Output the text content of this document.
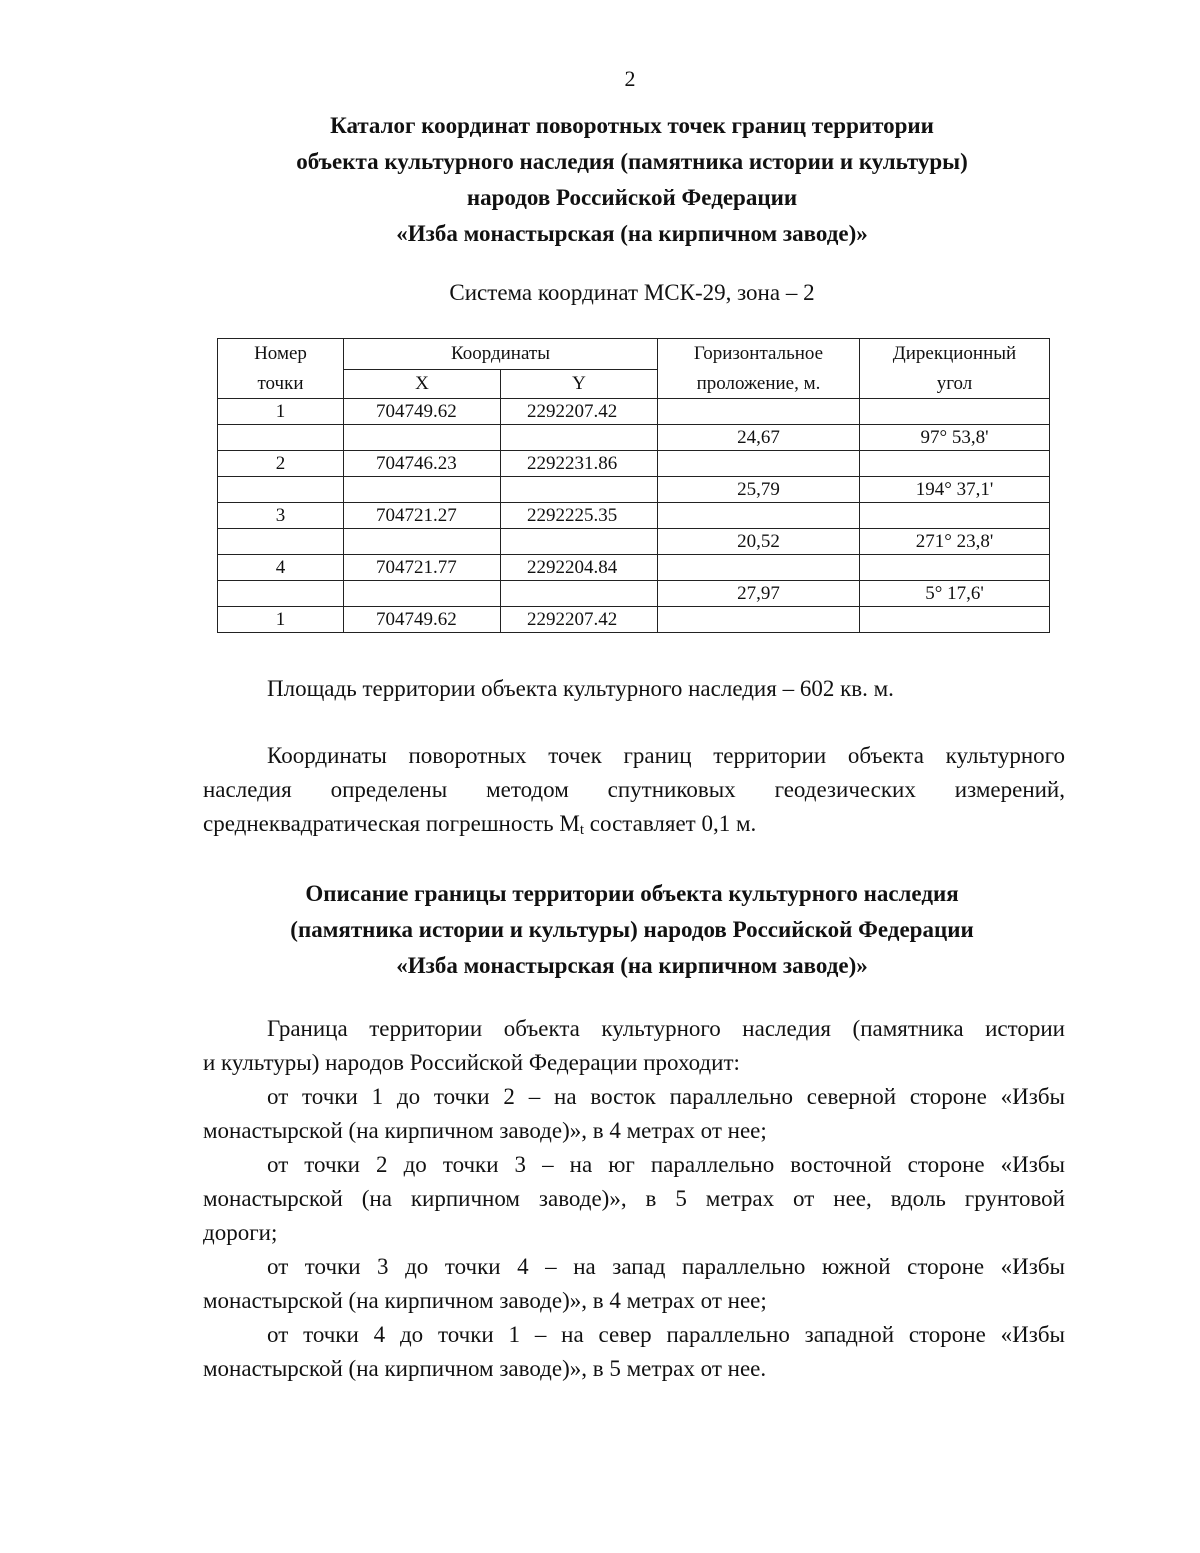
2
Каталог координат поворотных точек границ территории
объекта культурного наследия (памятника истории и культуры)
народов Российской Федерации
«Изба монастырская (на кирпичном заводе)»
Система координат МСК-29, зона – 2
Номер	Координаты		Горизонтальное	Дирекционный
точки	X	Y	проложение, м.	угол
1	704749.62	2292207.42		
			24,67	97° 53,8'
2	704746.23	2292231.86		
			25,79	194° 37,1'
3	704721.27	2292225.35		
			20,52	271° 23,8'
4	704721.77	2292204.84		
			27,97	5° 17,6'
1	704749.62	2292207.42		
Площадь территории объекта культурного наследия – 602 кв. м.
Координаты поворотных точек границ территории объекта культурного
наследия определены методом спутниковых геодезических измерений,
среднеквадратическая погрешность $М_t$ составляет 0,1 м.
Описание границы территории объекта культурного наследия
(памятника истории и культуры) народов Российской Федерации
«Изба монастырская (на кирпичном заводе)»
Граница территории объекта культурного наследия (памятника истории
и культуры) народов Российской Федерации проходит:
от точки 1 до точки 2 – на восток параллельно северной стороне «Избы
монастырской (на кирпичном заводе)», в 4 метрах от нее;
от точки 2 до точки 3 – на юг параллельно восточной стороне «Избы
монастырской (на кирпичном заводе)», в 5 метрах от нее, вдоль грунтовой
дороги;
от точки 3 до точки 4 – на запад параллельно южной стороне «Избы
монастырской (на кирпичном заводе)», в 4 метрах от нее;
от точки 4 до точки 1 – на север параллельно западной стороне «Избы
монастырской (на кирпичном заводе)», в 5 метрах от нее.
